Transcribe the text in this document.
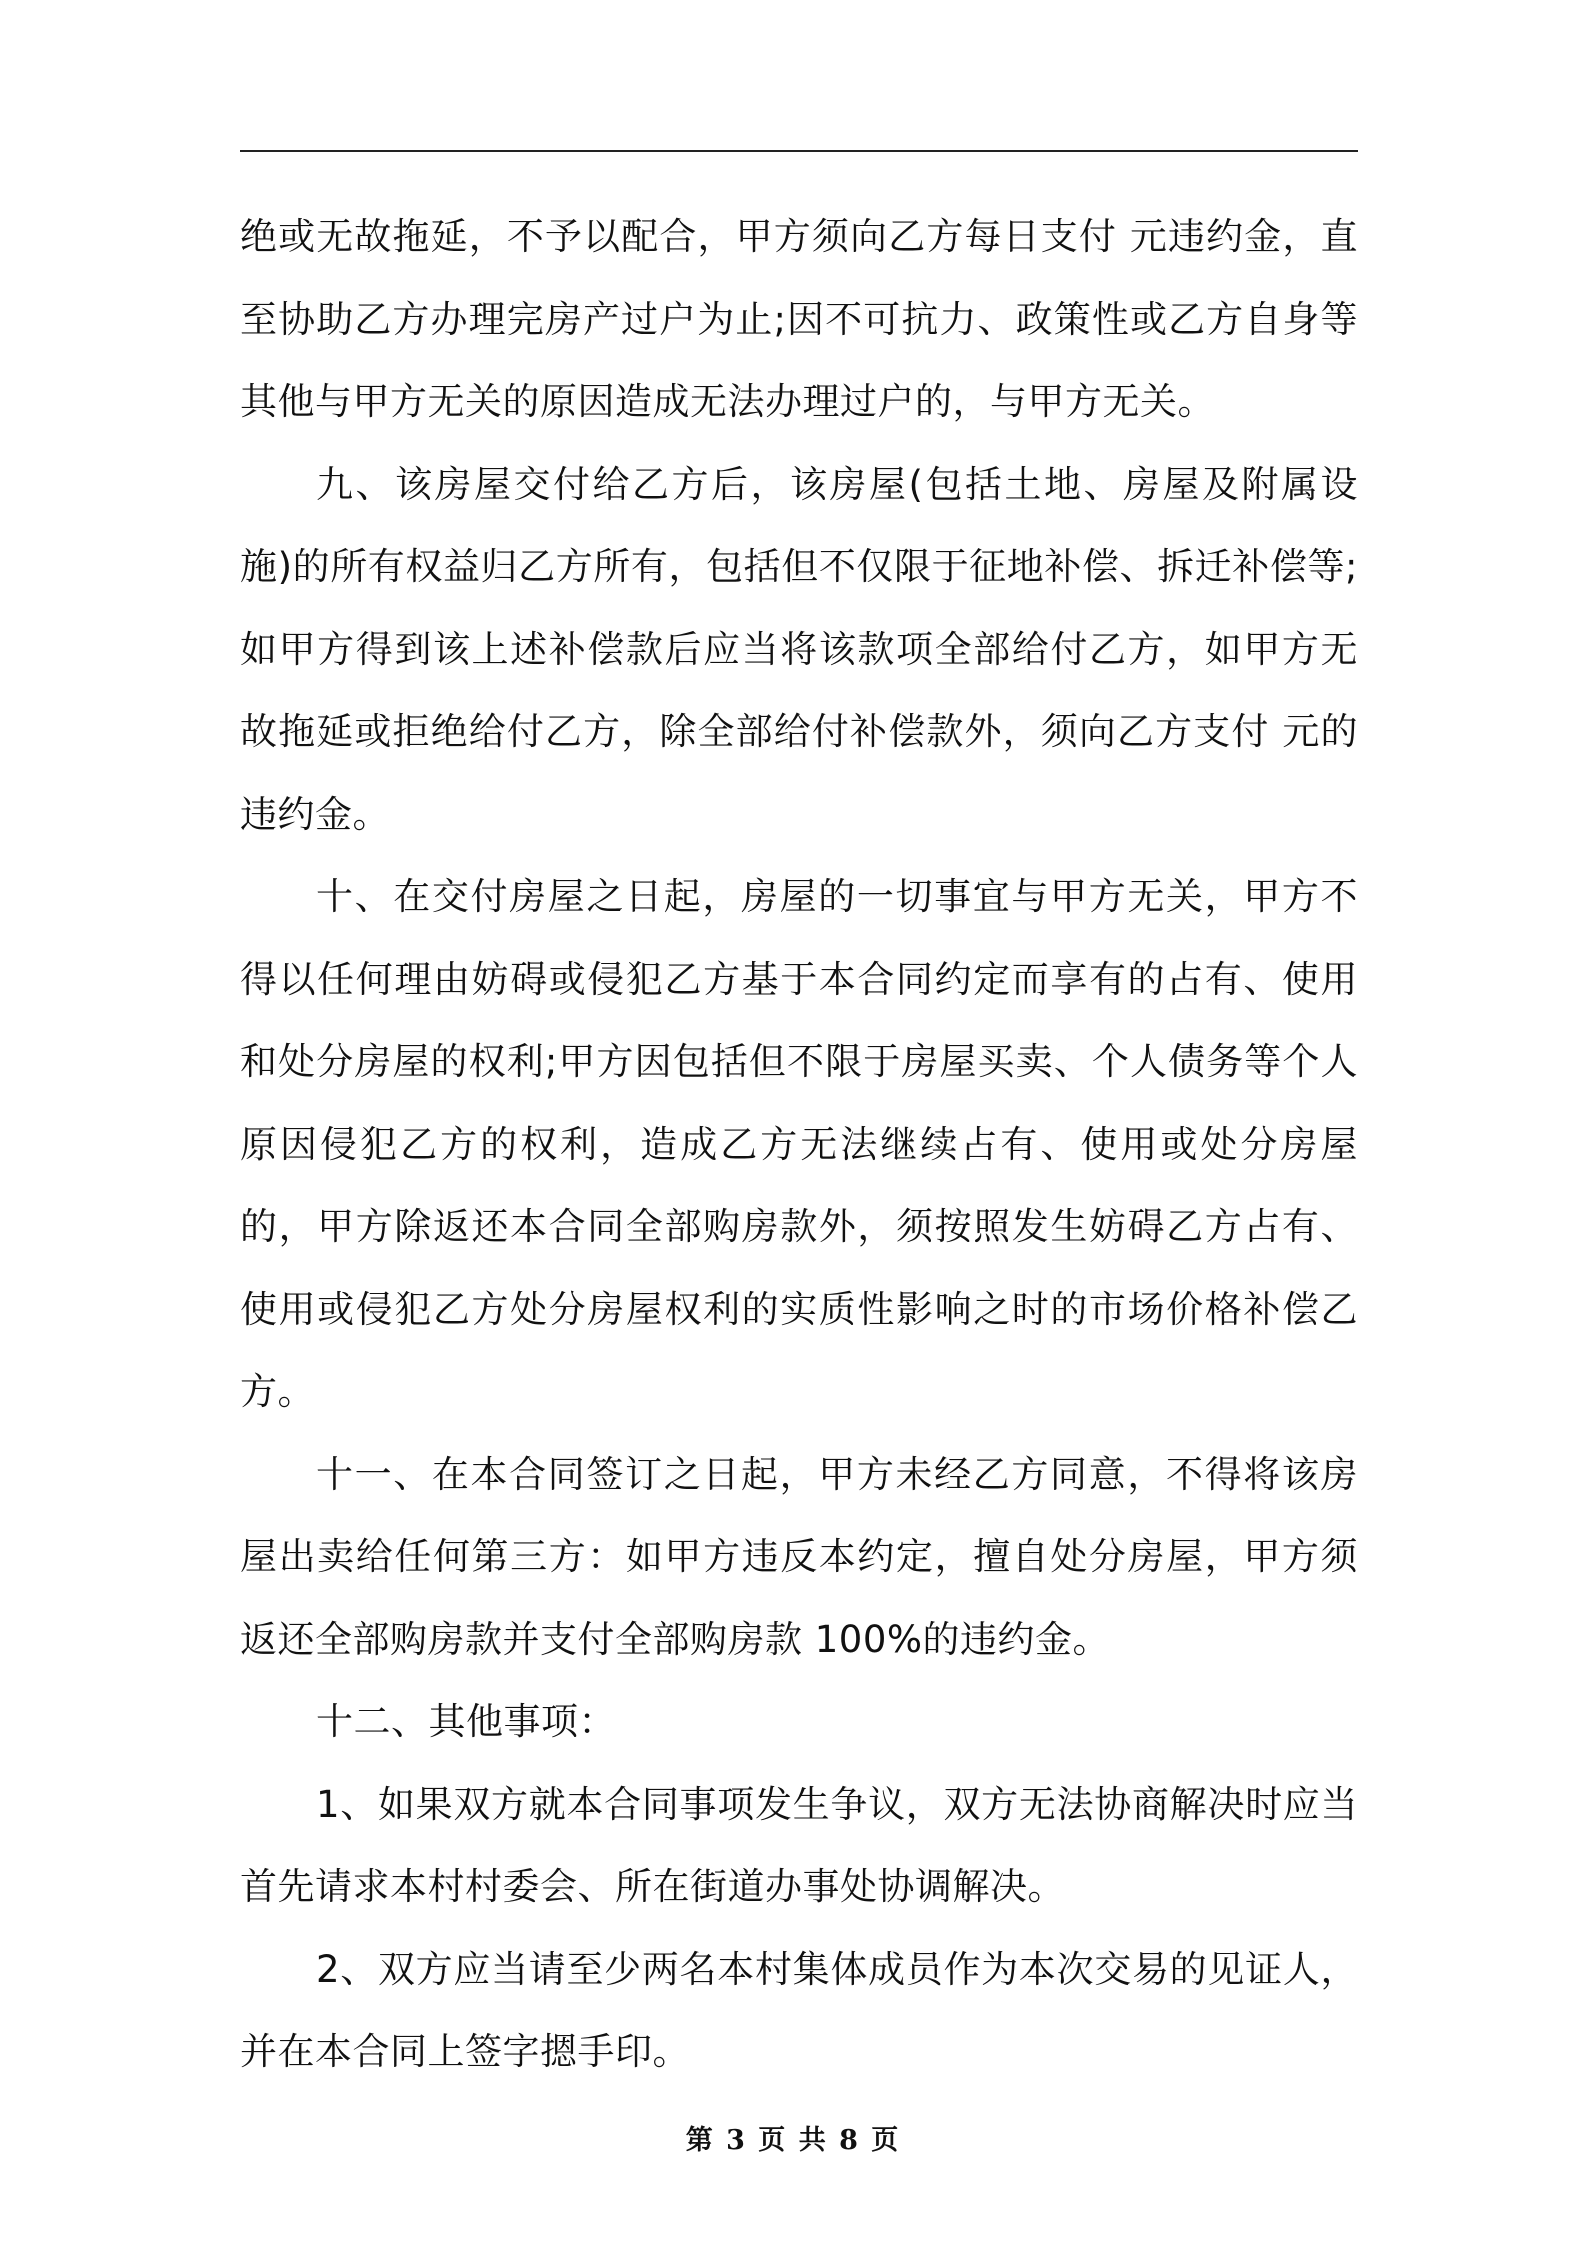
绝或无故拖延，不予以配合，甲方须向乙方每日支付 元违约金，直至协助乙方办理完房产过户为止;因不可抗力、政策性或乙方自身等其他与甲方无关的原因造成无法办理过户的，与甲方无关。

九、该房屋交付给乙方后，该房屋(包括土地、房屋及附属设施)的所有权益归乙方所有，包括但不仅限于征地补偿、拆迁补偿等;如甲方得到该上述补偿款后应当将该款项全部给付乙方，如甲方无故拖延或拒绝给付乙方，除全部给付补偿款外，须向乙方支付 元的违约金。

十、在交付房屋之日起，房屋的一切事宜与甲方无关，甲方不得以任何理由妨碍或侵犯乙方基于本合同约定而享有的占有、使用和处分房屋的权利;甲方因包括但不限于房屋买卖、个人债务等个人原因侵犯乙方的权利，造成乙方无法继续占有、使用或处分房屋的，甲方除返还本合同全部购房款外，须按照发生妨碍乙方占有、使用或侵犯乙方处分房屋权利的实质性影响之时的市场价格补偿乙方。

十一、在本合同签订之日起，甲方未经乙方同意，不得将该房屋出卖给任何第三方：如甲方违反本约定，擅自处分房屋，甲方须返还全部购房款并支付全部购房款 100%的违约金。

十二、其他事项：

1、如果双方就本合同事项发生争议，双方无法协商解决时应当首先请求本村村委会、所在街道办事处协调解决。

2、双方应当请至少两名本村集体成员作为本次交易的见证人，并在本合同上签字摁手印。

第 3 页 共 8 页
